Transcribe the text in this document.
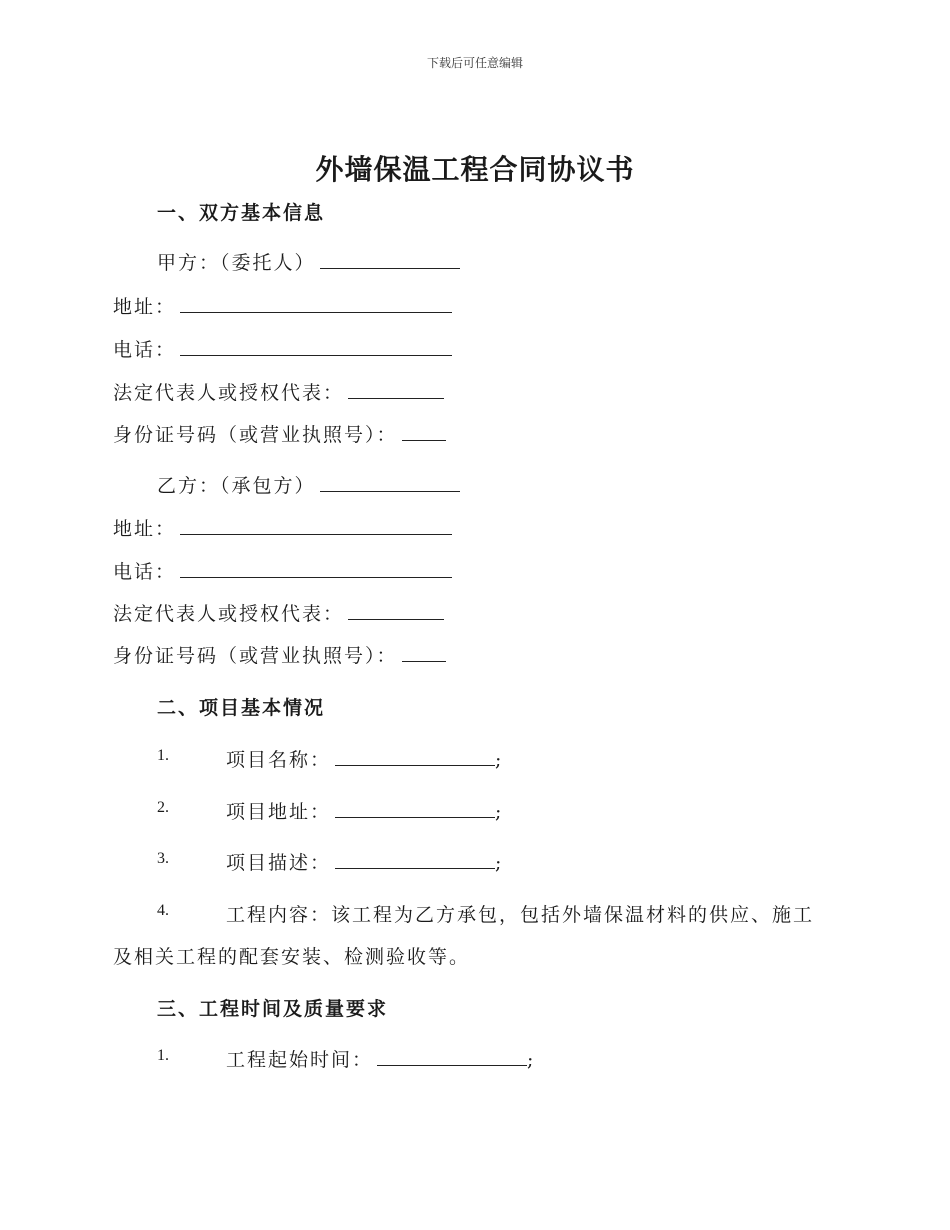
下载后可任意编辑
外墙保温工程合同协议书
一、双方基本信息
甲方：（委托人）
地址：
电话：
法定代表人或授权代表：
身份证号码（或营业执照号）：
乙方：（承包方）
地址：
电话：
法定代表人或授权代表：
身份证号码（或营业执照号）：
二、项目基本情况
1.	项目名称：	;
2.	项目地址：	;
3.	项目描述：	;
4.	工程内容：该工程为乙方承包，包括外墙保温材料的供应、施工
及相关工程的配套安装、检测验收等。
三、工程时间及质量要求
1.	工程起始时间：	;
